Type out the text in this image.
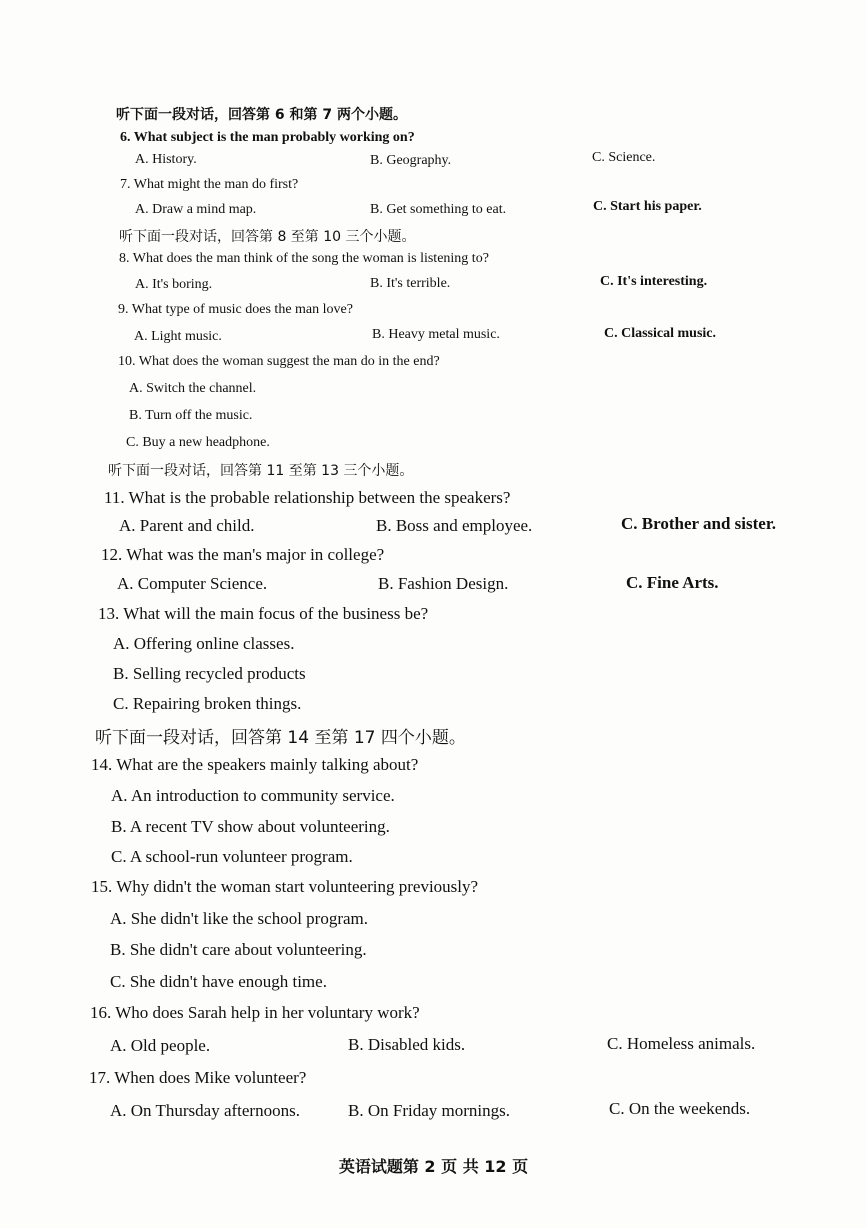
听下面一段对话，回答第 6 和第 7 两个小题。
6. What subject is the man probably working on?
A. History.	B. Geography.	C. Science.
7. What might the man do first?
A. Draw a mind map.	B. Get something to eat.	C. Start his paper.
听下面一段对话，回答第 8 至第 10 三个小题。
8. What does the man think of the song the woman is listening to?
A. It's boring.	B. It's terrible.	C. It's interesting.
9. What type of music does the man love?
A. Light music.	B. Heavy metal music.	C. Classical music.
10. What does the woman suggest the man do in the end?
A. Switch the channel.
B. Turn off the music.
C. Buy a new headphone.
听下面一段对话，回答第 11 至第 13 三个小题。
11. What is the probable relationship between the speakers?
A. Parent and child.	B. Boss and employee.	C. Brother and sister.
12. What was the man's major in college?
A. Computer Science.	B. Fashion Design.	C. Fine Arts.
13. What will the main focus of the business be?
A. Offering online classes.
B. Selling recycled products
C. Repairing broken things.
听下面一段对话，回答第 14 至第 17 四个小题。
14. What are the speakers mainly talking about?
A. An introduction to community service.
B. A recent TV show about volunteering.
C. A school-run volunteer program.
15. Why didn't the woman start volunteering previously?
A. She didn't like the school program.
B. She didn't care about volunteering.
C. She didn't have enough time.
16. Who does Sarah help in her voluntary work?
A. Old people.	B. Disabled kids.	C. Homeless animals.
17. When does Mike volunteer?
A. On Thursday afternoons.	B. On Friday mornings.	C. On the weekends.
英语试题第 2 页 共 12 页
